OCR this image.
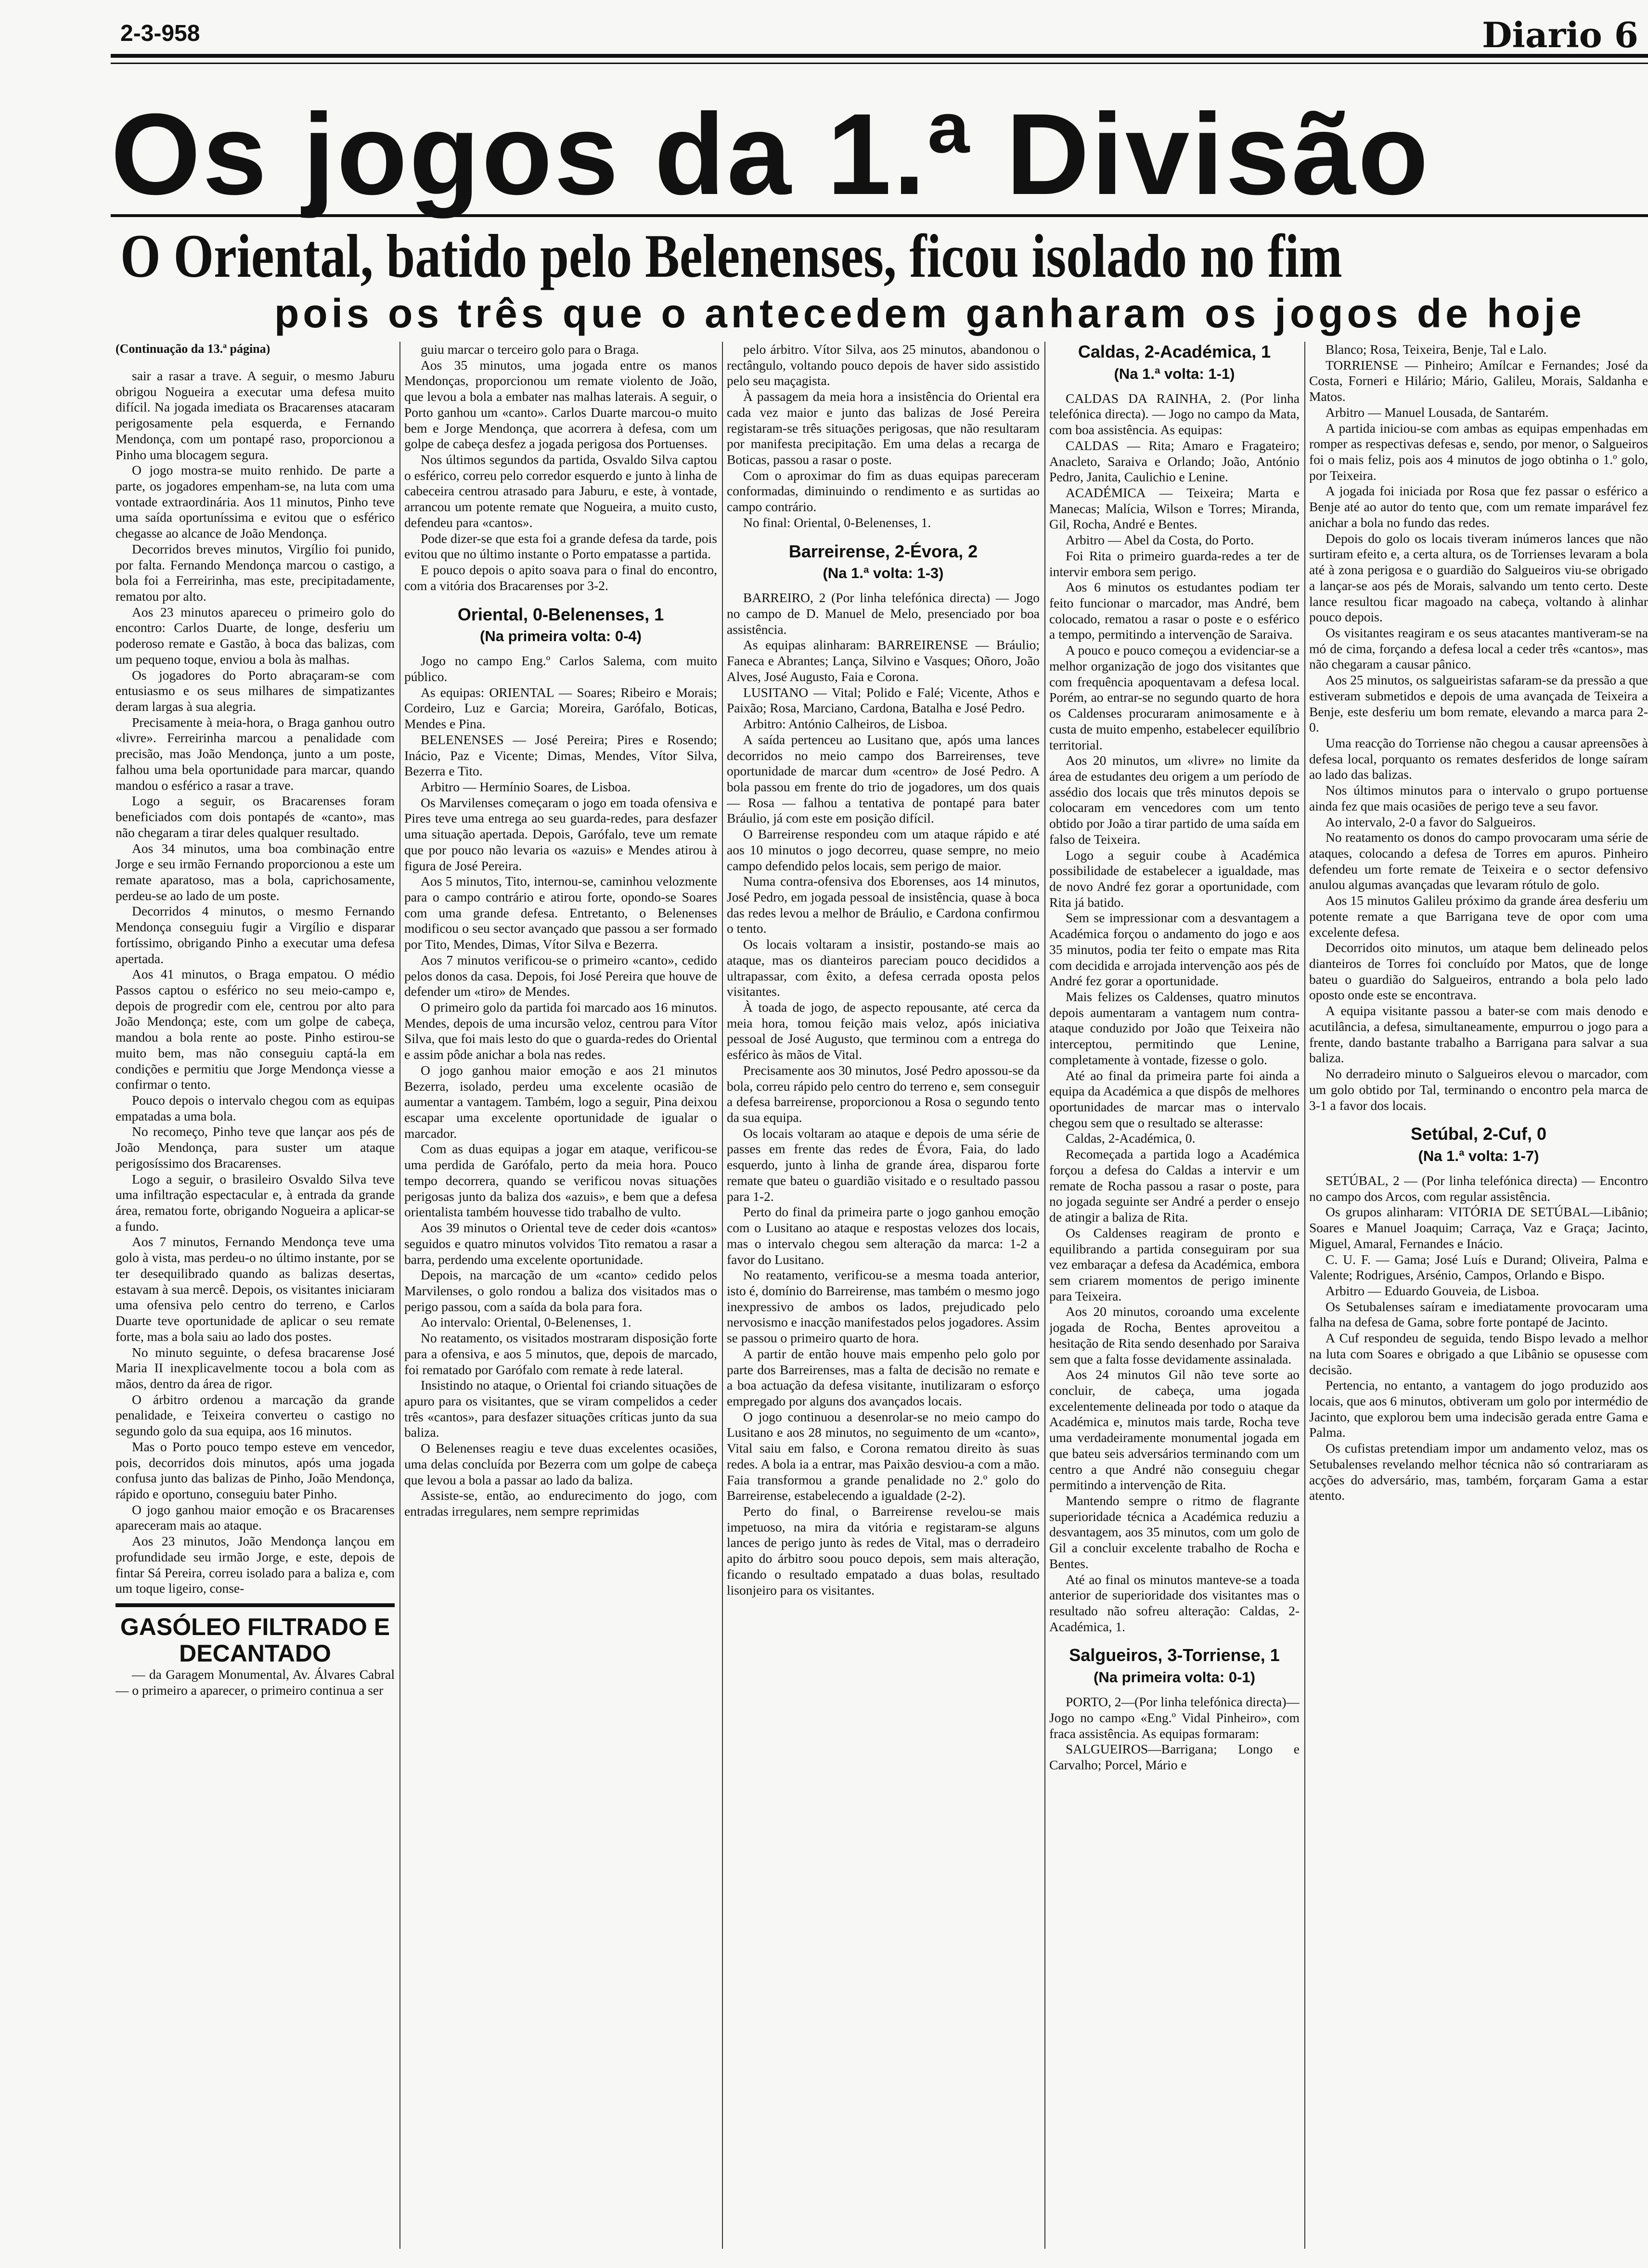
2-3-958	Diario 6
Os jogos da 1.ª Divisão
O Oriental, batido pelo Belenenses, ficou isolado no fim
pois os três que o antecedem ganharam os jogos de hoje
(Continuação da 13.ª página)

sair a rasar a trave. A seguir, o mesmo Jaburu obrigou Nogueira a executar uma defesa muito difícil. Na jogada imediata os Bracarenses atacaram perigosamente pela esquerda, e Fernando Mendonça, com um pontapé raso, proporcionou a Pinho uma blocagem segura.

O jogo mostra-se muito renhido. De parte a parte, os jogadores empenham-se, na luta com uma vontade extraordinária. Aos 11 minutos, Pinho teve uma saída oportuníssima e evitou que o esférico chegasse ao alcance de João Mendonça.

Decorridos breves minutos, Virgílio foi punido, por falta. Fernando Mendonça marcou o castigo, a bola foi a Ferreirinha, mas este, precipitadamente, rematou por alto.

Aos 23 minutos apareceu o primeiro golo do encontro: Carlos Duarte, de longe, desferiu um poderoso remate e Gastão, à boca das balizas, com um pequeno toque, enviou a bola às malhas.

Os jogadores do Porto abraçaram-se com entusiasmo e os seus milhares de simpatizantes deram largas à sua alegria.

Precisamente à meia-hora, o Braga ganhou outro «livre». Ferreirinha marcou a penalidade com precisão, mas João Mendonça, junto a um poste, falhou uma bela oportunidade para marcar, quando mandou o esférico a rasar a trave.

Logo a seguir, os Bracarenses foram beneficiados com dois pontapés de «canto», mas não chegaram a tirar deles qualquer resultado.

Aos 34 minutos, uma boa combinação entre Jorge e seu irmão Fernando proporcionou a este um remate aparatoso, mas a bola, caprichosamente, perdeu-se ao lado de um poste.

Decorridos 4 minutos, o mesmo Fernando Mendonça conseguiu fugir a Virgílio e disparar fortíssimo, obrigando Pinho a executar uma defesa apertada.

Aos 41 minutos, o Braga empatou. O médio Passos captou o esférico no seu meio-campo e, depois de progredir com ele, centrou por alto para João Mendonça; este, com um golpe de cabeça, mandou a bola rente ao poste. Pinho estirou-se muito bem, mas não conseguiu captá-la em condições e permitiu que Jorge Mendonça viesse a confirmar o tento.

Pouco depois o intervalo chegou com as equipas empatadas a uma bola.

No recomeço, Pinho teve que lançar aos pés de João Mendonça, para suster um ataque perigosíssimo dos Bracarenses.

Logo a seguir, o brasileiro Osvaldo Silva teve uma infiltração espectacular e, à entrada da grande área, rematou forte, obrigando Nogueira a aplicar-se a fundo.

Aos 7 minutos, Fernando Mendonça teve uma golo à vista, mas perdeu-o no último instante, por se ter desequilibrado quando as balizas desertas, estavam à sua mercê. Depois, os visitantes iniciaram uma ofensiva pelo centro do terreno, e Carlos Duarte teve oportunidade de aplicar o seu remate forte, mas a bola saiu ao lado dos postes.

No minuto seguinte, o defesa bracarense José Maria II inexplicavelmente tocou a bola com as mãos, dentro da área de rigor.

O árbitro ordenou a marcação da grande penalidade, e Teixeira converteu o castigo no segundo golo da sua equipa, aos 16 minutos.

Mas o Porto pouco tempo esteve em vencedor, pois, decorridos dois minutos, após uma jogada confusa junto das balizas de Pinho, João Mendonça, rápido e oportuno, conseguiu bater Pinho.

O jogo ganhou maior emoção e os Bracarenses apareceram mais ao ataque.

Aos 23 minutos, João Mendonça lançou em profundidade seu irmão Jorge, e este, depois de fintar Sá Pereira, correu isolado para a baliza e, com um toque ligeiro, conse-

GASÓLEO FILTRADO E DECANTADO

— da Garagem Monumental, Av. Álvares Cabral — o primeiro a aparecer, o primeiro continua a ser

guiu marcar o terceiro golo para o Braga.

Aos 35 minutos, uma jogada entre os manos Mendonças, proporcionou um remate violento de João, que levou a bola a embater nas malhas laterais. A seguir, o Porto ganhou um «canto». Carlos Duarte marcou-o muito bem e Jorge Mendonça, que acorrera à defesa, com um golpe de cabeça desfez a jogada perigosa dos Portuenses.

Nos últimos segundos da partida, Osvaldo Silva captou o esférico, correu pelo corredor esquerdo e junto à linha de cabeceira centrou atrasado para Jaburu, e este, à vontade, arrancou um potente remate que Nogueira, a muito custo, defendeu para «cantos».

Pode dizer-se que esta foi a grande defesa da tarde, pois evitou que no último instante o Porto empatasse a partida.

E pouco depois o apito soava para o final do encontro, com a vitória dos Bracarenses por 3-2.

Oriental, 0-Belenenses, 1
(Na primeira volta: 0-4)

Jogo no campo Eng.º Carlos Salema, com muito público.

As equipas: ORIENTAL — Soares; Ribeiro e Morais; Cordeiro, Luz e Garcia; Moreira, Garófalo, Boticas, Mendes e Pina.

BELENENSES — José Pereira; Pires e Rosendo; Inácio, Paz e Vicente; Dimas, Mendes, Vítor Silva, Bezerra e Tito.

Arbitro — Hermínio Soares, de Lisboa.

Os Marvilenses começaram o jogo em toada ofensiva e Pires teve uma entrega ao seu guarda-redes, para desfazer uma situação apertada. Depois, Garófalo, teve um remate que por pouco não levaria os «azuis» e Mendes atirou à figura de José Pereira.

Aos 5 minutos, Tito, internou-se, caminhou velozmente para o campo contrário e atirou forte, opondo-se Soares com uma grande defesa. Entretanto, o Belenenses modificou o seu sector avançado que passou a ser formado por Tito, Mendes, Dimas, Vítor Silva e Bezerra.

Aos 7 minutos verificou-se o primeiro «canto», cedido pelos donos da casa. Depois, foi José Pereira que houve de defender um «tiro» de Mendes.

O primeiro golo da partida foi marcado aos 16 minutos. Mendes, depois de uma incursão veloz, centrou para Vítor Silva, que foi mais lesto do que o guarda-redes do Oriental e assim pôde anichar a bola nas redes.

O jogo ganhou maior emoção e aos 21 minutos Bezerra, isolado, perdeu uma excelente ocasião de aumentar a vantagem. Também, logo a seguir, Pina deixou escapar uma excelente oportunidade de igualar o marcador.

Com as duas equipas a jogar em ataque, verificou-se uma perdida de Garófalo, perto da meia hora. Pouco tempo decorrera, quando se verificou novas situações perigosas junto da baliza dos «azuis», e bem que a defesa orientalista também houvesse tido trabalho de vulto.

Aos 39 minutos o Oriental teve de ceder dois «cantos» seguidos e quatro minutos volvidos Tito rematou a rasar a barra, perdendo uma excelente oportunidade.

Depois, na marcação de um «canto» cedido pelos Marvilenses, o golo rondou a baliza dos visitados mas o perigo passou, com a saída da bola para fora.

Ao intervalo: Oriental, 0-Belenenses, 1.

No reatamento, os visitados mostraram disposição forte para a ofensiva, e aos 5 minutos, que, depois de marcado, foi rematado por Garófalo com remate à rede lateral.

Insistindo no ataque, o Oriental foi criando situações de apuro para os visitantes, que se viram compelidos a ceder três «cantos», para desfazer situações críticas junto da sua baliza.

O Belenenses reagiu e teve duas excelentes ocasiões, uma delas concluída por Bezerra com um golpe de cabeça que levou a bola a passar ao lado da baliza.

Assiste-se, então, ao endurecimento do jogo, com entradas irregulares, nem sempre reprimidas

pelo árbitro. Vítor Silva, aos 25 minutos, abandonou o rectângulo, voltando pouco depois de haver sido assistido pelo seu maçagista.

À passagem da meia hora a insistência do Oriental era cada vez maior e junto das balizas de José Pereira registaram-se três situações perigosas, que não resultaram por manifesta precipitação. Em uma delas a recarga de Boticas, passou a rasar o poste.

Com o aproximar do fim as duas equipas pareceram conformadas, diminuindo o rendimento e as surtidas ao campo contrário.

No final: Oriental, 0-Belenenses, 1.

Barreirense, 2-Évora, 2
(Na 1.ª volta: 1-3)

BARREIRO, 2 (Por linha telefónica directa) — Jogo no campo de D. Manuel de Melo, presenciado por boa assistência.

As equipas alinharam: BARREIRENSE — Bráulio; Faneca e Abrantes; Lança, Silvino e Vasques; Oñoro, João Alves, José Augusto, Faia e Corona.

LUSITANO — Vital; Polido e Falé; Vicente, Athos e Paixão; Rosa, Marciano, Cardona, Batalha e José Pedro.

Arbitro: António Calheiros, de Lisboa.

A saída pertenceu ao Lusitano que, após uma lances decorridos no meio campo dos Barreirenses, teve oportunidade de marcar dum «centro» de José Pedro. A bola passou em frente do trio de jogadores, um dos quais — Rosa — falhou a tentativa de pontapé para bater Bráulio, já com este em posição difícil.

O Barreirense respondeu com um ataque rápido e até aos 10 minutos o jogo decorreu, quase sempre, no meio campo defendido pelos locais, sem perigo de maior.

Numa contra-ofensiva dos Eborenses, aos 14 minutos, José Pedro, em jogada pessoal de insistência, quase à boca das redes levou a melhor de Bráulio, e Cardona confirmou o tento.

Os locais voltaram a insistir, postando-se mais ao ataque, mas os dianteiros pareciam pouco decididos a ultrapassar, com êxito, a defesa cerrada oposta pelos visitantes.

À toada de jogo, de aspecto repousante, até cerca da meia hora, tomou feição mais veloz, após iniciativa pessoal de José Augusto, que terminou com a entrega do esférico às mãos de Vital.

Precisamente aos 30 minutos, José Pedro apossou-se da bola, correu rápido pelo centro do terreno e, sem conseguir a defesa barreirense, proporcionou a Rosa o segundo tento da sua equipa.

Os locais voltaram ao ataque e depois de uma série de passes em frente das redes de Évora, Faia, do lado esquerdo, junto à linha de grande área, disparou forte remate que bateu o guardião visitado e o resultado passou para 1-2.

Perto do final da primeira parte o jogo ganhou emoção com o Lusitano ao ataque e respostas velozes dos locais, mas o intervalo chegou sem alteração da marca: 1-2 a favor do Lusitano.

No reatamento, verificou-se a mesma toada anterior, isto é, domínio do Barreirense, mas também o mesmo jogo inexpressivo de ambos os lados, prejudicado pelo nervosismo e inacção manifestados pelos jogadores. Assim se passou o primeiro quarto de hora.

A partir de então houve mais empenho pelo golo por parte dos Barreirenses, mas a falta de decisão no remate e a boa actuação da defesa visitante, inutilizaram o esforço empregado por alguns dos avançados locais.

O jogo continuou a desenrolar-se no meio campo do Lusitano e aos 28 minutos, no seguimento de um «canto», Vital saiu em falso, e Corona rematou direito às suas redes. A bola ia a entrar, mas Paixão desviou-a com a mão. Faia transformou a grande penalidade no 2.º golo do Barreirense, estabelecendo a igualdade (2-2).

Perto do final, o Barreirense revelou-se mais impetuoso, na mira da vitória e registaram-se alguns lances de perigo junto às redes de Vital, mas o derradeiro apito do árbitro soou pouco depois, sem mais alteração, ficando o resultado empatado a duas bolas, resultado lisonjeiro para os visitantes.

Caldas, 2-Académica, 1
(Na 1.ª volta: 1-1)

CALDAS DA RAINHA, 2. (Por linha telefónica directa). — Jogo no campo da Mata, com boa assistência. As equipas:

CALDAS — Rita; Amaro e Fragateiro; Anacleto, Saraiva e Orlando; João, António Pedro, Janita, Caulichio e Lenine.

ACADÉMICA — Teixeira; Marta e Manecas; Malícia, Wilson e Torres; Miranda, Gil, Rocha, André e Bentes.

Arbitro — Abel da Costa, do Porto.

Foi Rita o primeiro guarda-redes a ter de intervir embora sem perigo.

Aos 6 minutos os estudantes podiam ter feito funcionar o marcador, mas André, bem colocado, rematou a rasar o poste e o esférico a tempo, permitindo a intervenção de Saraiva.

A pouco e pouco começou a evidenciar-se a melhor organização de jogo dos visitantes que com frequência apoquentavam a defesa local. Porém, ao entrar-se no segundo quarto de hora os Caldenses procuraram animosamente e à custa de muito empenho, estabelecer equilíbrio territorial.

Aos 20 minutos, um «livre» no limite da área de estudantes deu origem a um período de assédio dos locais que três minutos depois se colocaram em vencedores com um tento obtido por João a tirar partido de uma saída em falso de Teixeira.

Logo a seguir coube à Académica possibilidade de estabelecer a igualdade, mas de novo André fez gorar a oportunidade, com Rita já batido.

Sem se impressionar com a desvantagem a Académica forçou o andamento do jogo e aos 35 minutos, podia ter feito o empate mas Rita com decidida e arrojada intervenção aos pés de André fez gorar a oportunidade.

Mais felizes os Caldenses, quatro minutos depois aumentaram a vantagem num contra-ataque conduzido por João que Teixeira não interceptou, permitindo que Lenine, completamente à vontade, fizesse o golo.

Até ao final da primeira parte foi ainda a equipa da Académica a que dispôs de melhores oportunidades de marcar mas o intervalo chegou sem que o resultado se alterasse:

Caldas, 2-Académica, 0.

Recomeçada a partida logo a Académica forçou a defesa do Caldas a intervir e um remate de Rocha passou a rasar o poste, para no jogada seguinte ser André a perder o ensejo de atingir a baliza de Rita.

Os Caldenses reagiram de pronto e equilibrando a partida conseguiram por sua vez embaraçar a defesa da Académica, embora sem criarem momentos de perigo iminente para Teixeira.

Aos 20 minutos, coroando uma excelente jogada de Rocha, Bentes aproveitou a hesitação de Rita sendo desenhado por Saraiva sem que a falta fosse devidamente assinalada.

Aos 24 minutos Gil não teve sorte ao concluir, de cabeça, uma jogada excelentemente delineada por todo o ataque da Académica e, minutos mais tarde, Rocha teve uma verdadeiramente monumental jogada em que bateu seis adversários terminando com um centro a que André não conseguiu chegar permitindo a intervenção de Rita.

Mantendo sempre o ritmo de flagrante superioridade técnica a Académica reduziu a desvantagem, aos 35 minutos, com um golo de Gil a concluir excelente trabalho de Rocha e Bentes.

Até ao final os minutos manteve-se a toada anterior de superioridade dos visitantes mas o resultado não sofreu alteração: Caldas, 2-Académica, 1.

Salgueiros, 3-Torriense, 1
(Na primeira volta: 0-1)

PORTO, 2—(Por linha telefónica directa)—Jogo no campo «Eng.º Vidal Pinheiro», com fraca assistência. As equipas formaram:

SALGUEIROS—Barrigana; Longo e Carvalho; Porcel, Mário e

Blanco; Rosa, Teixeira, Benje, Tal e Lalo.

TORRIENSE — Pinheiro; Amílcar e Fernandes; José da Costa, Forneri e Hilário; Mário, Galileu, Morais, Saldanha e Matos.

Arbitro — Manuel Lousada, de Santarém.

A partida iniciou-se com ambas as equipas empenhadas em romper as respectivas defesas e, sendo, por menor, o Salgueiros foi o mais feliz, pois aos 4 minutos de jogo obtinha o 1.º golo, por Teixeira.

A jogada foi iniciada por Rosa que fez passar o esférico a Benje até ao autor do tento que, com um remate imparável fez anichar a bola no fundo das redes.

Depois do golo os locais tiveram inúmeros lances que não surtiram efeito e, a certa altura, os de Torrienses levaram a bola até à zona perigosa e o guardião do Salgueiros viu-se obrigado a lançar-se aos pés de Morais, salvando um tento certo. Deste lance resultou ficar magoado na cabeça, voltando à alinhar pouco depois.

Os visitantes reagiram e os seus atacantes mantiveram-se na mó de cima, forçando a defesa local a ceder três «cantos», mas não chegaram a causar pânico.

Aos 25 minutos, os salgueiristas safaram-se da pressão a que estiveram submetidos e depois de uma avançada de Teixeira a Benje, este desferiu um bom remate, elevando a marca para 2-0.

Uma reacção do Torriense não chegou a causar apreensões à defesa local, porquanto os remates desferidos de longe saíram ao lado das balizas.

Nos últimos minutos para o intervalo o grupo portuense ainda fez que mais ocasiões de perigo teve a seu favor.

Ao intervalo, 2-0 a favor do Salgueiros.

No reatamento os donos do campo provocaram uma série de ataques, colocando a defesa de Torres em apuros. Pinheiro defendeu um forte remate de Teixeira e o sector defensivo anulou algumas avançadas que levaram rótulo de golo.

Aos 15 minutos Galileu próximo da grande área desferiu um potente remate a que Barrigana teve de opor com uma excelente defesa.

Decorridos oito minutos, um ataque bem delineado pelos dianteiros de Torres foi concluído por Matos, que de longe bateu o guardião do Salgueiros, entrando a bola pelo lado oposto onde este se encontrava.

A equipa visitante passou a bater-se com mais denodo e acutilância, a defesa, simultaneamente, empurrou o jogo para a frente, dando bastante trabalho a Barrigana para salvar a sua baliza.

No derradeiro minuto o Salgueiros elevou o marcador, com um golo obtido por Tal, terminando o encontro pela marca de 3-1 a favor dos locais.

Setúbal, 2-Cuf, 0
(Na 1.ª volta: 1-7)

SETÚBAL, 2 — (Por linha telefónica directa) — Encontro no campo dos Arcos, com regular assistência.

Os grupos alinharam: VITÓRIA DE SETÚBAL—Libânio; Soares e Manuel Joaquim; Carraça, Vaz e Graça; Jacinto, Miguel, Amaral, Fernandes e Inácio.

C. U. F. — Gama; José Luís e Durand; Oliveira, Palma e Valente; Rodrigues, Arsénio, Campos, Orlando e Bispo.

Arbitro — Eduardo Gouveia, de Lisboa.

Os Setubalenses saíram e imediatamente provocaram uma falha na defesa de Gama, sobre forte pontapé de Jacinto.

A Cuf respondeu de seguida, tendo Bispo levado a melhor na luta com Soares e obrigado a que Libânio se opusesse com decisão.

Pertencia, no entanto, a vantagem do jogo produzido aos locais, que aos 6 minutos, obtiveram um golo por intermédio de Jacinto, que explorou bem uma indecisão gerada entre Gama e Palma.

Os cufistas pretendiam impor um andamento veloz, mas os Setubalenses revelando melhor técnica não só contrariaram as acções do adversário, mas, também, forçaram Gama a estar atento.
